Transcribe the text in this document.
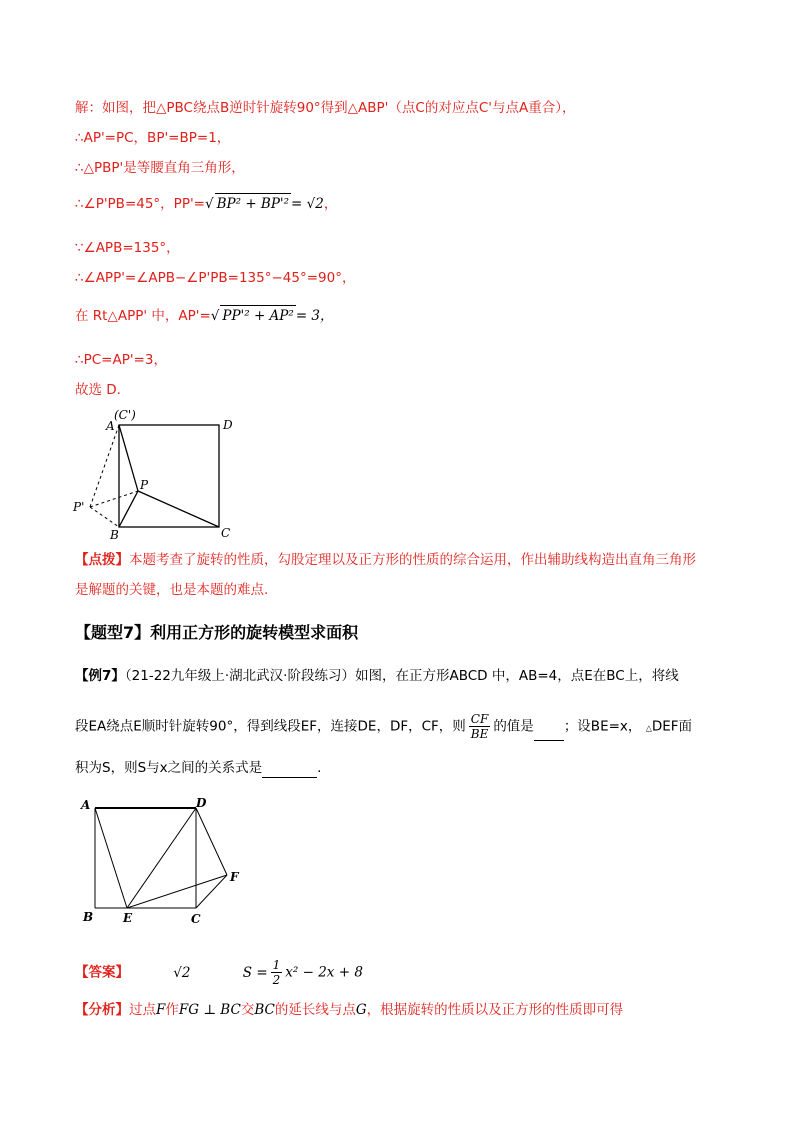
解：如图，把△PBC绕点B逆时针旋转90°得到△ABP'（点C的对应点C'与点A重合），
∴AP'=PC，BP'=BP=1，
∴△PBP'是等腰直角三角形，
∴∠P'PB=45°，PP'=√ BP² + BP'² = √2，
∵∠APB=135°，
∴∠APP'=∠APB−∠P'PB=135°−45°=90°，
在 Rt△APP' 中，AP'=√ PP'² + AP² = 3，
∴PC=AP'=3，
故选 D.
A
(C')
D
P
P'
B	C
【点拨】本题考查了旋转的性质，勾股定理以及正方形的性质的综合运用，作出辅助线构造出直角三角形
是解题的关键，也是本题的难点.
【题型7】利用正方形的旋转模型求面积
【例7】（21-22九年级上·湖北武汉·阶段练习）如图，在正方形ABCD 中，AB=4，点E在BC上，将线
段EA绕点E顺时针旋转90°，得到线段EF，连接DE，DF，CF，则 $\frac{CF}{BE}$ 的值是 ；设BE=x， △DEF面
积为S，则S与x之间的关系式是	.
A	D
F
B E	C
【答案】	√2	$S = \frac{1}{2} x^2 - 2x + 8$
【分析】过点F作FG ⊥ BC交BC的延长线与点G，根据旋转的性质以及正方形的性质即可得
